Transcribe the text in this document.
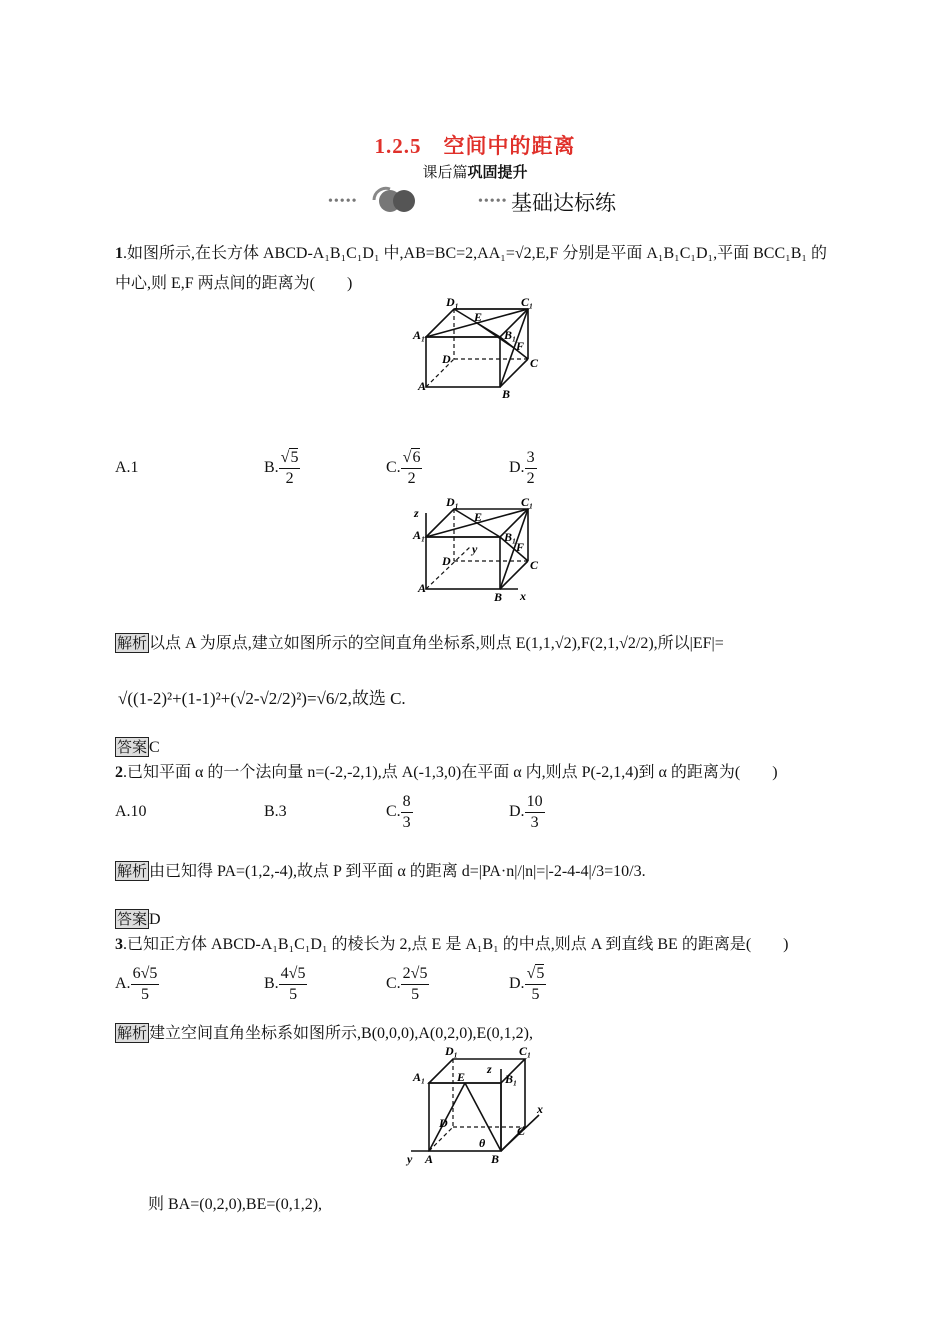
1.2.5　空间中的距离
课后篇巩固提升
•••••	••••• 基础达标练
1.如图所示,在长方体 ABCD-A₁B₁C₁D₁ 中,AB=BC=2,AA₁=√2,E,F 分别是平面 A₁B₁C₁D₁,平面 BCC₁B₁ 的
中心,则 E,F 两点间的距离为(　　)
D₁	C₁
A₁
E
B₁
F
D	C
A
B
A.1	B. √ $\frac{5}{2}$	C. √ $\frac{6}{2}$	D. $\frac{3}{2}$
z
D₁	C₁
A₁
E
y
B₁
F
D	C
A
B x
解析 以点 A 为原点,建立如图所示的空间直角坐标系,则点 E(1,1,√2),F(2,1,√2/2),所以|EF|=
√((1-2)²+(1-1)²+(√2-√2/2)²)=√6/2,故选 C.
答案 C
2.已知平面 α 的一个法向量 n=(-2,-2,1),点 A(-1,3,0)在平面 α 内,则点 P(-2,1,4)到 α 的距离为(　　)
A.10	B.3	C. $\frac{8}{3}$	D. $\frac{10}{3}$
解析 由已知得 PA=(1,2,-4),故点 P 到平面 α 的距离 d=|PA·n|/|n|=|-2-4-4|/3=10/3.
答案 D
3.已知正方体 ABCD-A₁B₁C₁D₁ 的棱长为 2,点 E 是 A₁B₁ 的中点,则点 A 到直线 BE 的距离是(　　)
A. $\frac{6√5}{5}$	B. $\frac{4√5}{5}$	C. $\frac{2√5}{5}$	D. √ $\frac{5}{5}$
解析 建立空间直角坐标系如图所示,B(0,0,0),A(0,2,0),E(0,1,2),
D₁	C₁
A₁	E
z
B₁
x
D
θ
C
y A	B
则 BA=(0,2,0),BE=(0,1,2),
